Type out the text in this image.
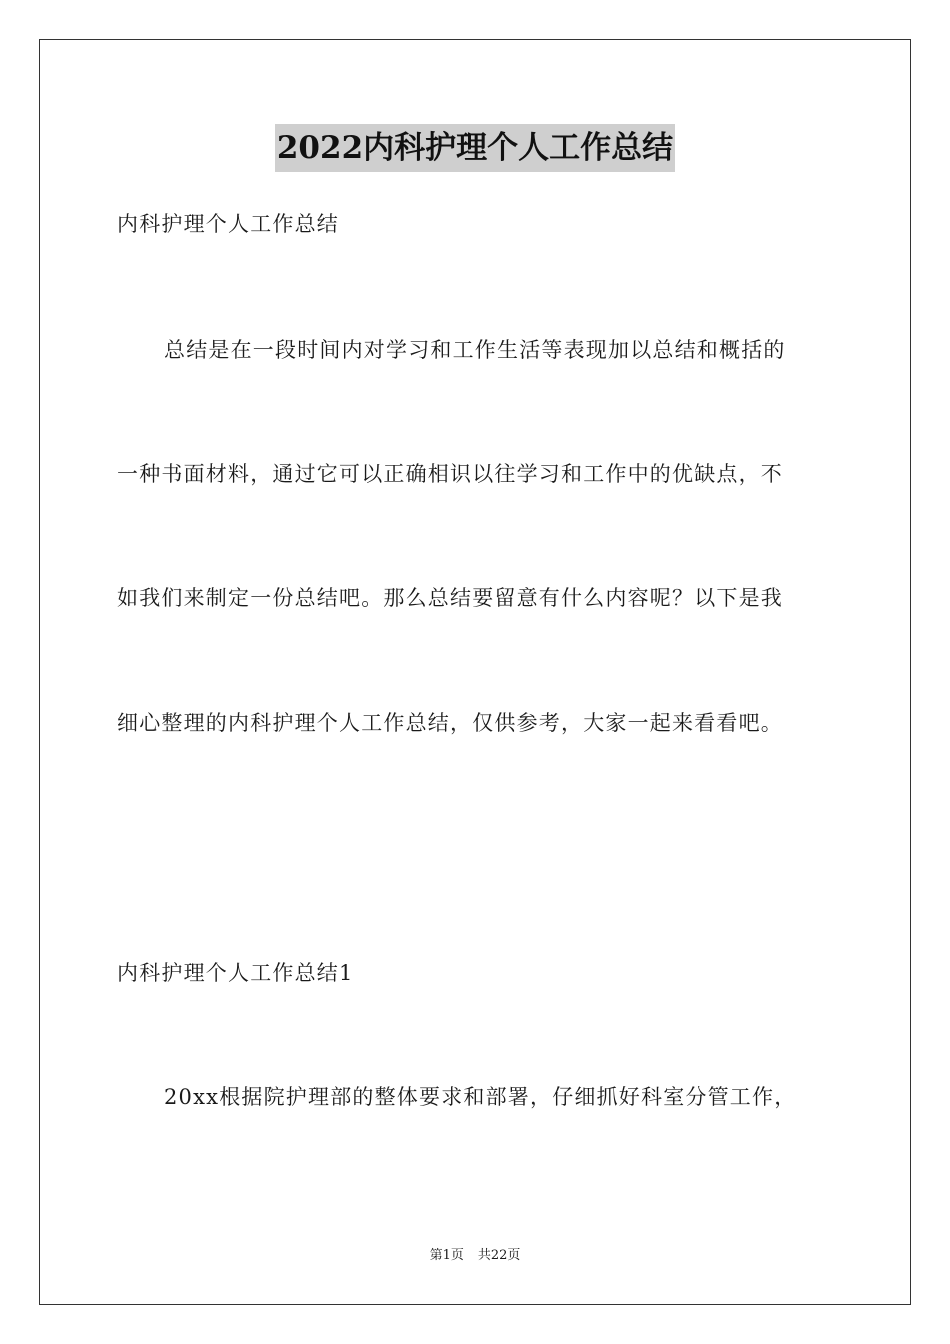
2022内科护理个人工作总结
内科护理个人工作总结
总结是在一段时间内对学习和工作生活等表现加以总结和概括的
一种书面材料，通过它可以正确相识以往学习和工作中的优缺点，不
如我们来制定一份总结吧。那么总结要留意有什么内容呢？以下是我
细心整理的内科护理个人工作总结，仅供参考，大家一起来看看吧。
内科护理个人工作总结1
20xx根据院护理部的整体要求和部署，仔细抓好科室分管工作，
第1页 共22页
